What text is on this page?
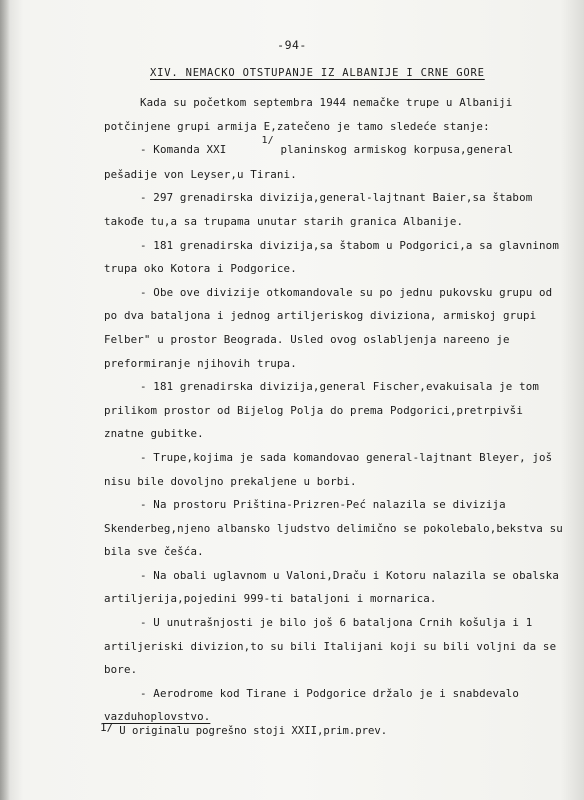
-94-
XIV. NEMACKO OTSTUPANJE IZ ALBANIJE I CRNE GORE

Kada su početkom septembra 1944 nemačke trupe u Albaniji potčinjene grupi armija E,zatečeno je tamo sledeće stanje:

- Komanda XXI1/ planinskog armiskog korpusa,general pešadije von Leyser,u Tirani.

- 297 grenadirska divizija,general-lajtnant Baier,sa štabom takođe tu,a sa trupama unutar starih granica Albanije.

- 181 grenadirska divizija,sa štabom u Podgorici,a sa glavninom trupa oko Kotora i Podgorice.

- Obe ove divizije otkomandovale su po jednu pukovsku grupu od po dva bataljona i jednog artiljeriskog diviziona, armiskoj grupi Felber" u prostor Beograda. Usled ovog oslabljenja nareeno je preformiranje njihovih trupa.

- 181 grenadirska divizija,general Fischer,evakuisala je tom prilikom prostor od Bijelog Polja do prema Podgorici,pretrpivši znatne gubitke.

- Trupe,kojima je sada komandovao general-lajtnant Bleyer, još nisu bile dovoljno prekaljene u borbi.

- Na prostoru Priština-Prizren-Peć nalazila se divizija Skenderbeg,njeno albansko ljudstvo delimično se pokolebalo,bekstva su bila sve češća.

- Na obali uglavnom u Valoni,Draču i Kotoru nalazila se obalska artiljerija,pojedini 999-ti bataljoni i mornarica.

- U unutrašnjosti je bilo još 6 bataljona Crnih košulja i 1 artiljeriski divizion,to su bili Italijani koji su bili voljni da se bore.

- Aerodrome kod Tirane i Podgorice držalo je i snabdevalo vazduhoplovstvo.

1/ U originalu pogrešno stoji XXII,prim.prev.
